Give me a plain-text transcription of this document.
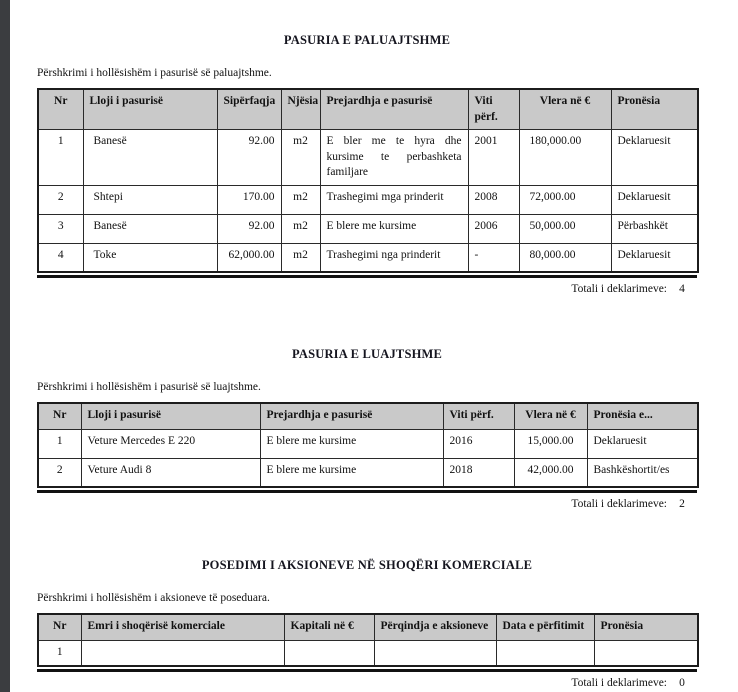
PASURIA E PALUAJTSHME
Përshkrimi i hollësishëm i pasurisë së paluajtshme.
Nr	Lloji i pasurisë	Sipërfaqja	Njësia	Prejardhja e pasurisë	Viti përf.	Vlera në €	Pronësia
1	Banesë	92.00	m2	E bler me te hyra dhe kursime te perbashketa familjare	2001	180,000.00	Deklaruesit
2	Shtepi	170.00	m2	Trashegimi mga prinderit	2008	72,000.00	Deklaruesit
3	Banesë	92.00	m2	E blere me kursime	2006	50,000.00	Përbashkët
4	Toke	62,000.00	m2	Trashegimi nga prinderit	-	80,000.00	Deklaruesit
Totali i deklarimeve:	4
PASURIA E LUAJTSHME
Përshkrimi i hollësishëm i pasurisë së luajtshme.
Nr	Lloji i pasurisë	Prejardhja e pasurisë	Viti përf.	Vlera në €	Pronësia e...
1	Veture Mercedes E 220	E blere me kursime	2016	15,000.00	Deklaruesit
2	Veture Audi 8	E blere me kursime	2018	42,000.00	Bashkëshortit/es
Totali i deklarimeve:	2
POSEDIMI I AKSIONEVE NË SHOQËRI KOMERCIALE
Përshkrimi i hollësishëm i aksioneve të poseduara.
Nr	Emri i shoqërisë komerciale	Kapitali në €	Përqindja e aksioneve	Data e përfitimit	Pronësia
1					
Totali i deklarimeve:	0
